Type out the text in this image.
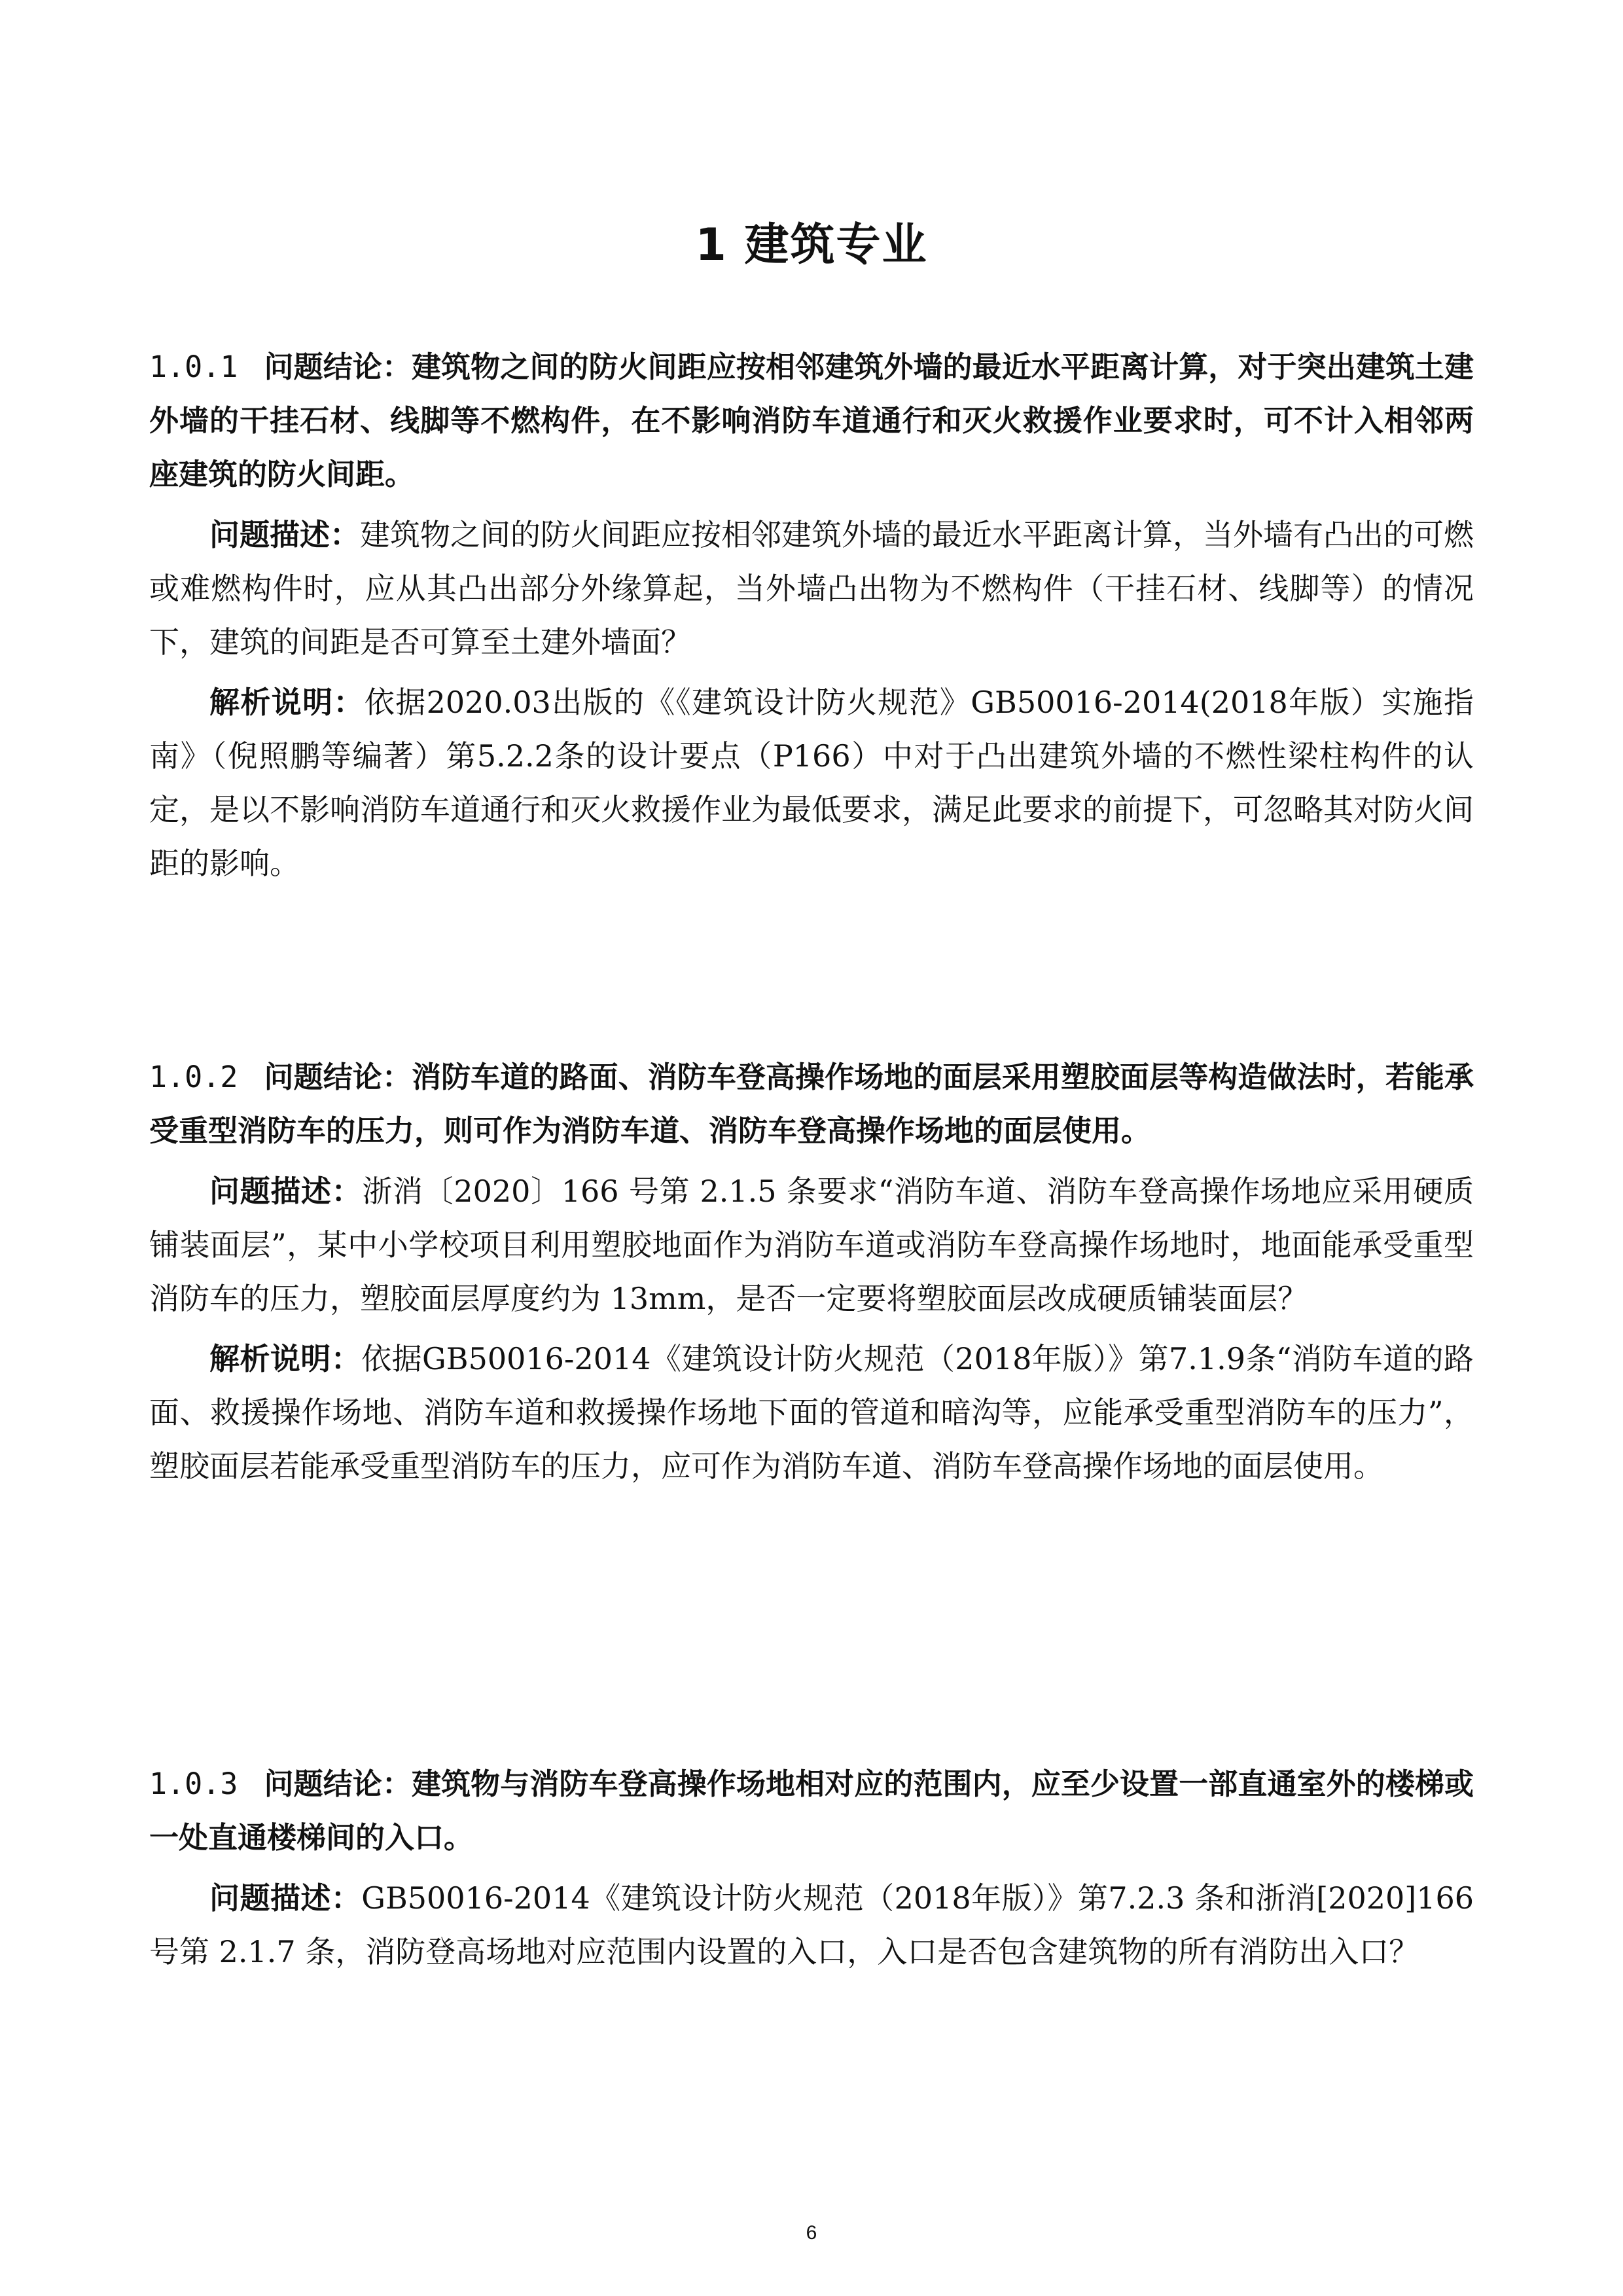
1 建筑专业

1.0.1 问题结论：建筑物之间的防火间距应按相邻建筑外墙的最近水平距离计算，对于突出建筑土建外墙的干挂石材、线脚等不燃构件，在不影响消防车道通行和灭火救援作业要求时，可不计入相邻两座建筑的防火间距。

问题描述：建筑物之间的防火间距应按相邻建筑外墙的最近水平距离计算，当外墙有凸出的可燃或难燃构件时，应从其凸出部分外缘算起，当外墙凸出物为不燃构件（干挂石材、线脚等）的情况下，建筑的间距是否可算至土建外墙面？

解析说明：依据2020.03出版的《《建筑设计防火规范》GB50016-2014(2018年版）实施指南》（倪照鹏等编著）第5.2.2条的设计要点（P166）中对于凸出建筑外墙的不燃性梁柱构件的认定，是以不影响消防车道通行和灭火救援作业为最低要求，满足此要求的前提下，可忽略其对防火间距的影响。

1.0.2 问题结论：消防车道的路面、消防车登高操作场地的面层采用塑胶面层等构造做法时，若能承受重型消防车的压力，则可作为消防车道、消防车登高操作场地的面层使用。

问题描述：浙消〔2020〕166 号第 2.1.5 条要求“消防车道、消防车登高操作场地应采用硬质铺装面层”，某中小学校项目利用塑胶地面作为消防车道或消防车登高操作场地时，地面能承受重型消防车的压力，塑胶面层厚度约为 13mm，是否一定要将塑胶面层改成硬质铺装面层？

解析说明：依据GB50016-2014《建筑设计防火规范（2018年版）》第7.1.9条“消防车道的路面、救援操作场地、消防车道和救援操作场地下面的管道和暗沟等，应能承受重型消防车的压力”，塑胶面层若能承受重型消防车的压力，应可作为消防车道、消防车登高操作场地的面层使用。

1.0.3 问题结论：建筑物与消防车登高操作场地相对应的范围内，应至少设置一部直通室外的楼梯或一处直通楼梯间的入口。

问题描述：GB50016-2014《建筑设计防火规范（2018年版）》第7.2.3 条和浙消[2020]166号第 2.1.7 条，消防登高场地对应范围内设置的入口，入口是否包含建筑物的所有消防出入口？

6
